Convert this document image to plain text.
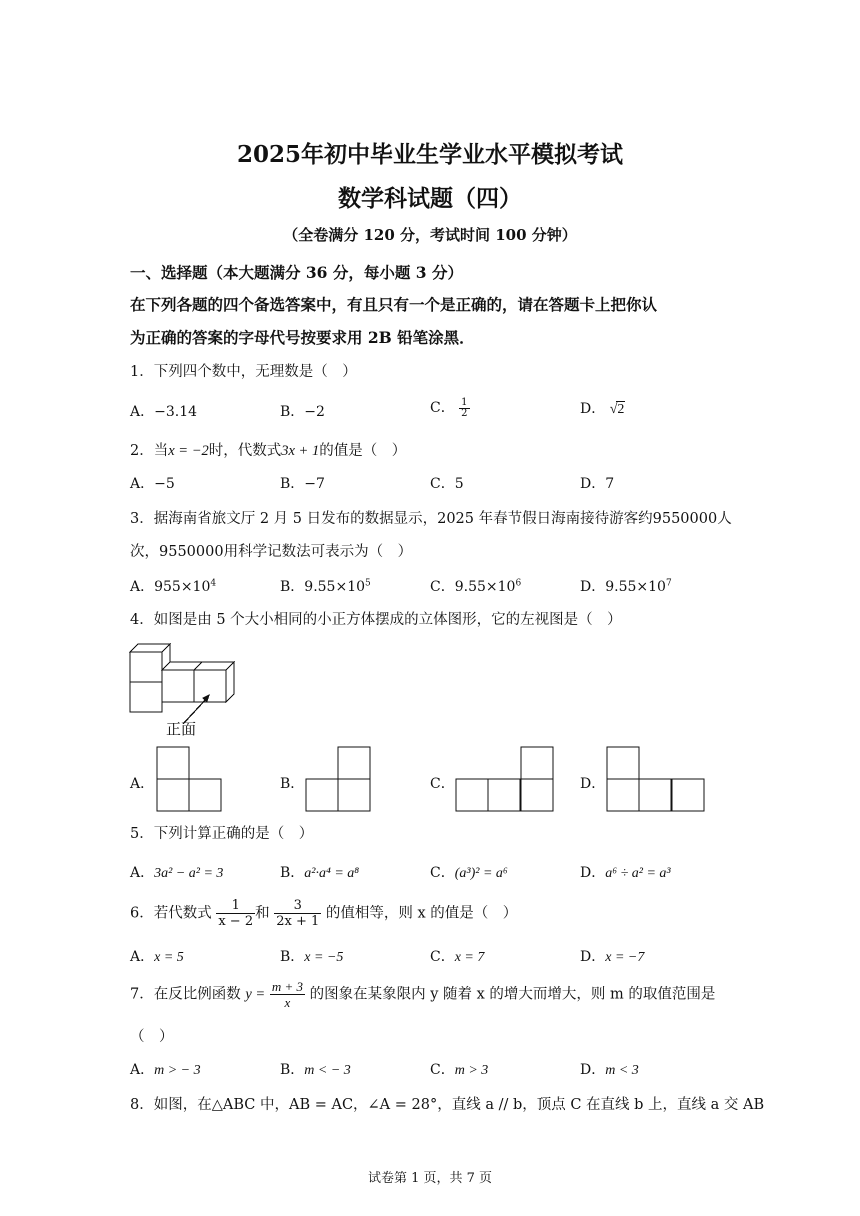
2025年初中毕业生学业水平模拟考试
数学科试题（四）
（全卷满分 120 分，考试时间 100 分钟）
一、选择题（本大题满分 36 分，每小题 3 分）
在下列各题的四个备选答案中，有且只有一个是正确的，请在答题卡上把你认
为正确的答案的字母代号按要求用 2B 铅笔涂黑．
1．下列四个数中，无理数是（　）
A．−3.14	B．−2	C． $\frac{1}{2}$	D． √2
2．当x = −2时，代数式3x + 1的值是（　）
A．−5	B．−7	C．5	D．7
3．据海南省旅文厅 2 月 5 日发布的数据显示，2025 年春节假日海南接待游客约9550000人
次，9550000用科学记数法可表示为（　）
A．$955\times 10^4$	B．$9.55\times 10^5$	C．$9.55\times 10^6$	D．$9.55\times 10^7$
4．如图是由 5 个大小相同的小正方体摆成的立体图形，它的左视图是（　）
正面
A．	B．	C．	D．
5．下列计算正确的是（　）
A．3a² − a² = 3	B．a²·a⁴ = a⁸	C．(a³)² = a⁶	D．a⁶ ÷ a² = a³
6．若代数式 $\frac{1}{x - 2}$ 和 $\frac{3}{2x + 1}$ 的值相等，则 x 的值是（　）
A．x = 5	B．x = −5	C．x = 7	D．x = −7
7．在反比例函数 $y = \frac{m + 3}{x}$ 的图象在某象限内 y 随着 x 的增大而增大，则 m 的取值范围是
（　）
A．m > − 3	B．m < − 3	C．m > 3	D．m < 3
8．如图，在△ABC 中，AB = AC，∠A = 28°，直线 a // b，顶点 C 在直线 b 上，直线 a 交 AB
试卷第 1 页，共 7 页
